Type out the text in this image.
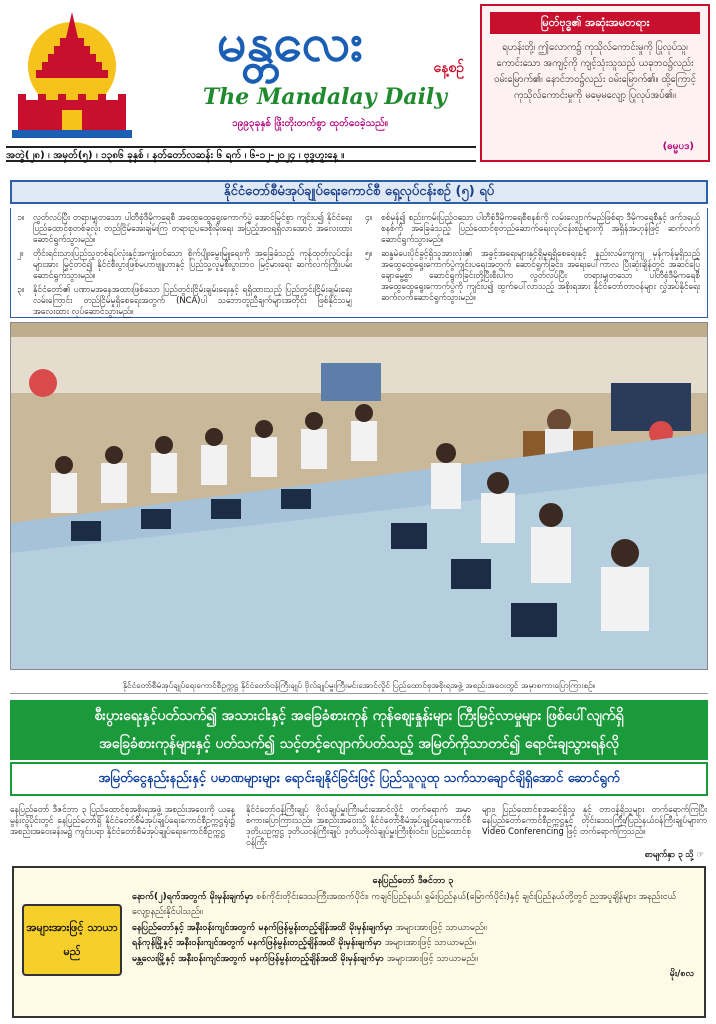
မန္တလေး	နေ့စဉ်
The Mandalay Daily
၁၉၉၃ခုနှစ် ဖြိုးတိုးတက်စွာ ထုတ်ဝေခဲ့သည်။
အတွဲ(၂၈) ၊ အမှတ်(၅) ၊ ၁၃၈၆ ခုနှစ် ၊ နတ်တော်လဆန်း ၆ ရက် ၊ ၆-၁၂-၂၀၂၄ ၊ ဗုဒ္ဓဟူးနေ့ ။
မြတ်ဗုဒ္ဓ၏ အဆုံးအမတရား
ရဟန်းတို့၊ ဤလောက၌ ကုသိုလ်ကောင်းမှုကို ပြုလုပ်သူ၊ ကောင်းသော အကျင့်ကို ကျင့်သုံးသူသည် ယခုဘဝ၌လည်း ဝမ်းမြောက်၏၊ နောင်ဘဝ၌လည်း ဝမ်းမြောက်၏။ ထို့ကြောင့် ကုသိုလ်ကောင်းမှုကို မမေ့မလျော့ ပြုလုပ်အပ်၏။
(ဓမ္မပဒ)
နိုင်ငံတော်စီမံအုပ်ချုပ်ရေးကောင်စီ ရှေ့လုပ်ငန်းစဉ် (၅) ရပ်
၁။ လွတ်လပ်ပြီး တရားမျှတသော ပါတီစုံဒီမိုကရေစီ အထွေထွေရွေးကောက်ပွဲ အောင်မြင်စွာ ကျင်းပ၍ နိုင်ငံရေး ပြည်ထောင်စုတစ်ခုလုံး တည်ငြိမ်အေးချမ်းကြ တရားဥပဒေစိုးမိုးရေး အပြည့်အဝရရှိလာအောင် အလေးထားဆောင်ရွက်သွားမည်။
၂။ တိုင်းရင်းသားပြည်သူတစ်ရပ်လုံးနှင့်အကျုံးဝင်သော စိုက်ပျိုးမွေးမြူရေးကို အခြေခံသည့် ကုန်ထုတ်လုပ်ငန်းများအား မြှင့်တင်၍ နိုင်ငံစီးပွားဖြစ်မဟာဗျူဟာနှင့် ပြည်သူ့လူမှုစီးပွားဘဝ မြင့်မားရေး ဆက်လက်ကြိုးပမ်းဆောင်ရွက်သွားမည်။
၃။ နိုင်ငံတော်၏ ပဏာမအနေအထားဖြစ်သော ပြည်တွင်းငြိမ်းချမ်းရေးနှင့် ရရှိထားသည့် ပြည်တွင်းငြိမ်းချမ်းရေးလမ်းကြောင်း တည်ငြိမ်မှုရှိစေရေးအတွက် (NCA)ပါ သဘောတူညီချက်များအတိုင်း ဖြစ်နိုင်သမျှ အလေးထား လုပ်ဆောင်သွားမည်။
၄။ စစ်မှန်၍ စည်းကမ်းပြည့်ဝသော ပါတီစုံဒီမိုကရေစီစနစ်ကို လမ်းလျှောက်မည်ဖြစ်ရာ ဒီမိုကရေစီနှင့် ဖက်ဒရယ်စနစ်ကို အခြေခံသည့် ပြည်ထောင်စုတည်ဆောက်ရေးလုပ်ငန်းစဉ်များကို အရှိန်အဟုန်ဖြင့် ဆက်လက်ဆောင်ရွက်သွားမည်။
၅။ ဆန္ဒမဲပေးပိုင်ခွင့်ရှိသူအားလုံး၏ အခွင့်အရေးများနှင့်ရှိမှုရရှိစေရေးနှင့် နည်းလမ်းကျကျ မှန်ကန်မှုရှိသည့် အထွေထွေရွေးကောက်ပွဲကျင်းပရေးအတွက် ဆောင်ရွက်ခြင်း၊ အရေးပေါ်ကာလ ပြီးဆုံးချိန်တွင် အဆင်ပြေချောမွေ့စွာ ဆောင်ရွက်ခြင်းတို့ပြီးစီးပါက လွတ်လပ်ပြီး တရားမျှတသော ပါတီစုံဒီမိုကရေစီ အထွေထွေရွေးကောက်ပွဲကို ကျင်းပ၍ ထွက်ပေါ်လာသည့် အစိုးရအား နိုင်ငံတော်တာဝန်များ လွှဲအပ်နိုင်ရေး ဆက်လက်ဆောင်ရွက်သွားမည်။
နိုင်ငံတော်စီမံအုပ်ချုပ်ရေးကောင်စီဥက္ကဋ္ဌ နိုင်ငံတော်ဝန်ကြီးချုပ် ဗိုလ်ချုပ်မှူးကြီးမင်းအောင်လှိုင် ပြည်ထောင်စုအစိုးရအဖွဲ့ အစည်းအဝေးတွင် အမှာစကားပြောကြားစဉ်။
စီးပွားရေးနှင့်ပတ်သက်၍ အသားငါးနှင့် အခြေခံစားကုန် ကုန်စျေးနှုန်းများ ကြီးမြင့်လာမှုများ ဖြစ်ပေါ်လျက်ရှိ
အခြေခံစားကုန်များနှင့် ပတ်သက်၍ သင့်တင့်လျောက်ပတ်သည့် အမြတ်ကိုသာတင်၍ ရောင်းချသွားရန်လို
အမြတ်ငွေနည်းနည်းနှင့် ပမာဏများများ ရောင်းချနိုင်ခြင်းဖြင့် ပြည်သူလူထု သက်သာချောင်ချိရှိအောင် ဆောင်ရွက်
နေပြည်တော် ဒီဇင်ဘာ ၃ ပြည်ထောင်စုအစိုးရအဖွဲ့ အစည်းအဝေးကို ယနေ့မွန်းလွဲပိုင်းတွင် နေပြည်တော်ရှိ နိုင်ငံတော်စီမံအုပ်ချုပ်ရေးကောင်စီဥက္ကဋ္ဌရုံး၌ အစည်းအဝေးခန်းမ၌ ကျင်းပရာ နိုင်ငံတော်စီမံအုပ်ချုပ်ရေးကောင်စီဥက္ကဋ္ဌ
နိုင်ငံတော်ဝန်ကြီးချုပ် ဗိုလ်ချုပ်မှူးကြီးမင်းအောင်လှိုင် တက်ရောက် အမှာစကားပြောကြားသည်။ အစည်းအဝေးသို့ နိုင်ငံတော်စီမံအုပ်ချုပ်ရေးကောင်စီ ဒုတိယဥက္ကဋ္ဌ ဒုတိယဝန်ကြီးချုပ် ဒုတိယဗိုလ်ချုပ်မှူးကြီးစိုးဝင်း၊ ပြည်ထောင်စုဝန်ကြီး
များ၊ ပြည်ထောင်စုအဆင့်ရှိသူ နှင့် တာဝန်ရှိသူများ တက်ရောက်ကြပြီး နေပြည်တော်ကောင်စီဥက္ကဋ္ဌနှင့် တိုင်းဒေသကြီး/ပြည်နယ်ဝန်ကြီးချုပ်များက Video Conferencing ဖြင့် တက်ရောက်ကြသည်။
စာမျက်နှာ ၃ သို့ ☞
အများအားဖြင့် သာယာမည်

နေပြည်တော် ဒီဇင်ဘာ ၃

နောက်(၂)ရက်အတွက် မိုးမှန်းချက်မှာ စစ်ကိုင်းတိုင်းဒေသကြီးအထက်ပိုင်း၊ ကချင်ပြည်နယ်၊ ရှမ်းပြည်နယ်(မြောက်ပိုင်း)နှင့် ချင်းပြည်နယ်တို့တွင် ညအပူချိန်များ အနည်းငယ် လျော့နည်းနိုင်ပါသည်။

နေပြည်တော်နှင့် အနီးဝန်းကျင်အတွက် မနက်ဖြန်မွန်းတည့်ချိန်အထိ မိုးမှန်းချက်မှာ အများအားဖြင့် သာယာမည်။

ရန်ကုန်မြို့နှင့် အနီးဝန်းကျင်အတွက် မနက်ဖြန်မွန်းတည့်ချိန်အထိ မိုးမှန်းချက်မှာ အများအားဖြင့် သာယာမည်။

မန္တလေးမြို့နှင့် အနီးဝန်းကျင်အတွက် မနက်ဖြန်မွန်းတည့်ချိန်အထိ မိုးမှန်းချက်မှာ အများအားဖြင့် သာယာမည်။

မိုး/၈လ
